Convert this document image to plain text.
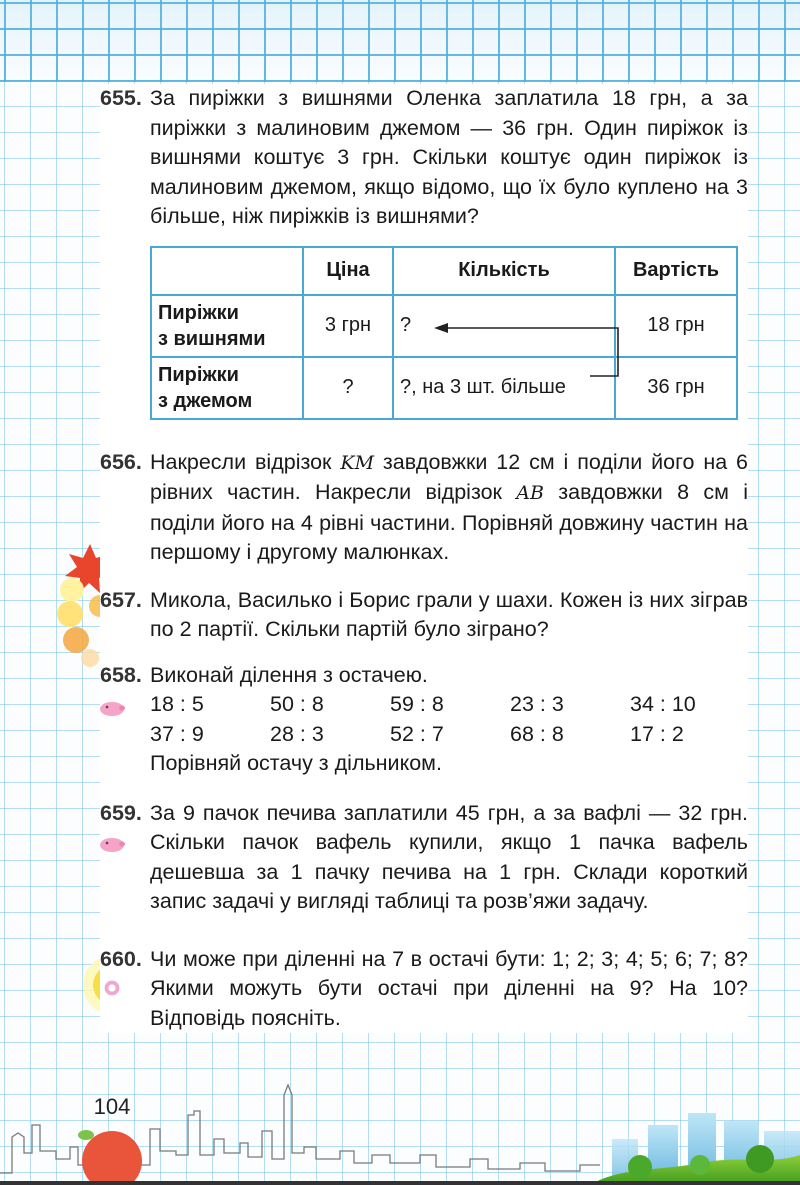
655. За пиріжки з вишнями Оленка заплатила 18 грн, а за пиріжки з малиновим джемом — 36 грн. Один пиріжок із вишнями коштує 3 грн. Скільки коштує один пиріжок із малиновим джемом, якщо відомо, що їх було куплено на 3 більше, ніж пиріжків із вишнями?
	Ціна	Кількість	Вартість

Пиріжки
з вишнями	3 грн	?	18 грн

Пиріжки
з джемом	?	?, на 3 шт. більше	36 грн
656. Накресли відрізок KM завдовжки 12 см і поділи його на 6 рівних частин. Накресли відрізок AB завдовжки 8 см і поділи його на 4 рівні частини. Порівняй довжину частин на першому і другому малюнках.
657. Микола, Василько і Борис грали у шахи. Кожен із них зіграв по 2 партії. Скільки партій було зіграно?
658. Виконай ділення з остачею.
18 : 5	50 : 8	59 : 8	23 : 3	34 : 10
37 : 9	28 : 3	52 : 7	68 : 8	17 : 2
Порівняй остачу з дільником.
659. За 9 пачок печива заплатили 45 грн, а за вафлі — 32 грн. Скільки пачок вафель купили, якщо 1 пачка вафель дешевша за 1 пачку печива на 1 грн. Склади короткий запис задачі у вигляді таблиці та розв’яжи задачу.
660. Чи може при діленні на 7 в остачі бути: 1; 2; 3; 4; 5; 6; 7; 8? Якими можуть бути остачі при діленні на 9? На 10? Відповідь поясніть.
104
